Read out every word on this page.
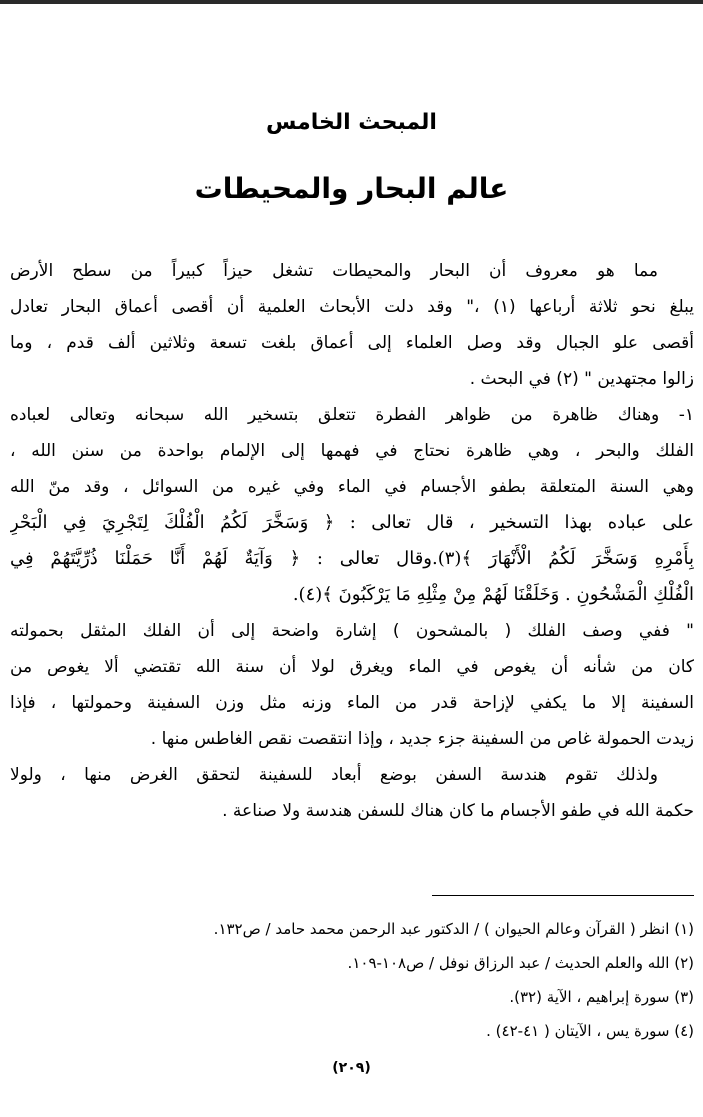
المبحث الخامس
عالم البحار والمحيطات
مما هو معروف أن البحار والمحيطات تشغل حيزاً كبيراً من سطح الأرض
يبلغ نحو ثلاثة أرباعها (١) ،" وقد دلت الأبحاث العلمية أن أقصى أعماق البحار تعادل
أقصى علو الجبال وقد وصل العلماء إلى أعماق بلغت تسعة وثلاثين ألف قدم ، وما
زالوا مجتهدين " (٢) في البحث .
١- وهناك ظاهرة من ظواهر الفطرة تتعلق بتسخير الله سبحانه وتعالى لعباده
الفلك والبحر ، وهي ظاهرة نحتاج في فهمها إلى الإلمام بواحدة من سنن الله ،
وهي السنة المتعلقة بطفو الأجسام في الماء وفي غيره من السوائل ، وقد منّ الله
على عباده بهذا التسخير ، قال تعالى : ﴿ وَسَخَّرَ لَكُمُ الْفُلْكَ لِتَجْرِيَ فِي الْبَحْرِ
بِأَمْرِهِ وَسَخَّرَ لَكُمُ الْأَنْهَارَ ﴾(٣).وقال تعالى : ﴿ وَآيَةٌ لَهُمْ أَنَّا حَمَلْنَا ذُرِّيَّتَهُمْ فِي
الْفُلْكِ الْمَشْحُونِ . وَخَلَقْنَا لَهُمْ مِنْ مِثْلِهِ مَا يَرْكَبُونَ ﴾(٤).
" ففي وصف الفلك ( بالمشحون ) إشارة واضحة إلى أن الفلك المثقل بحمولته
كان من شأنه أن يغوص في الماء ويغرق لولا أن سنة الله تقتضي ألا يغوص من
السفينة إلا ما يكفي لإزاحة قدر من الماء وزنه مثل وزن السفينة وحمولتها ، فإذا
زيدت الحمولة غاص من السفينة جزء جديد ، وإذا انتقصت نقص الغاطس منها .
ولذلك تقوم هندسة السفن بوضع أبعاد للسفينة لتحقق الغرض منها ، ولولا
حكمة الله في طفو الأجسام ما كان هناك للسفن هندسة ولا صناعة .
(١) انظر ( القرآن وعالم الحيوان ) / الدكتور عبد الرحمن محمد حامد / ص١٣٢.
(٢) الله والعلم الحديث / عبد الرزاق نوفل / ص١٠٨-١٠٩.
(٣) سورة إبراهيم ، الآية (٣٢).
(٤) سورة يس ، الآيتان ( ٤١-٤٢) .
(٢٠٩)
